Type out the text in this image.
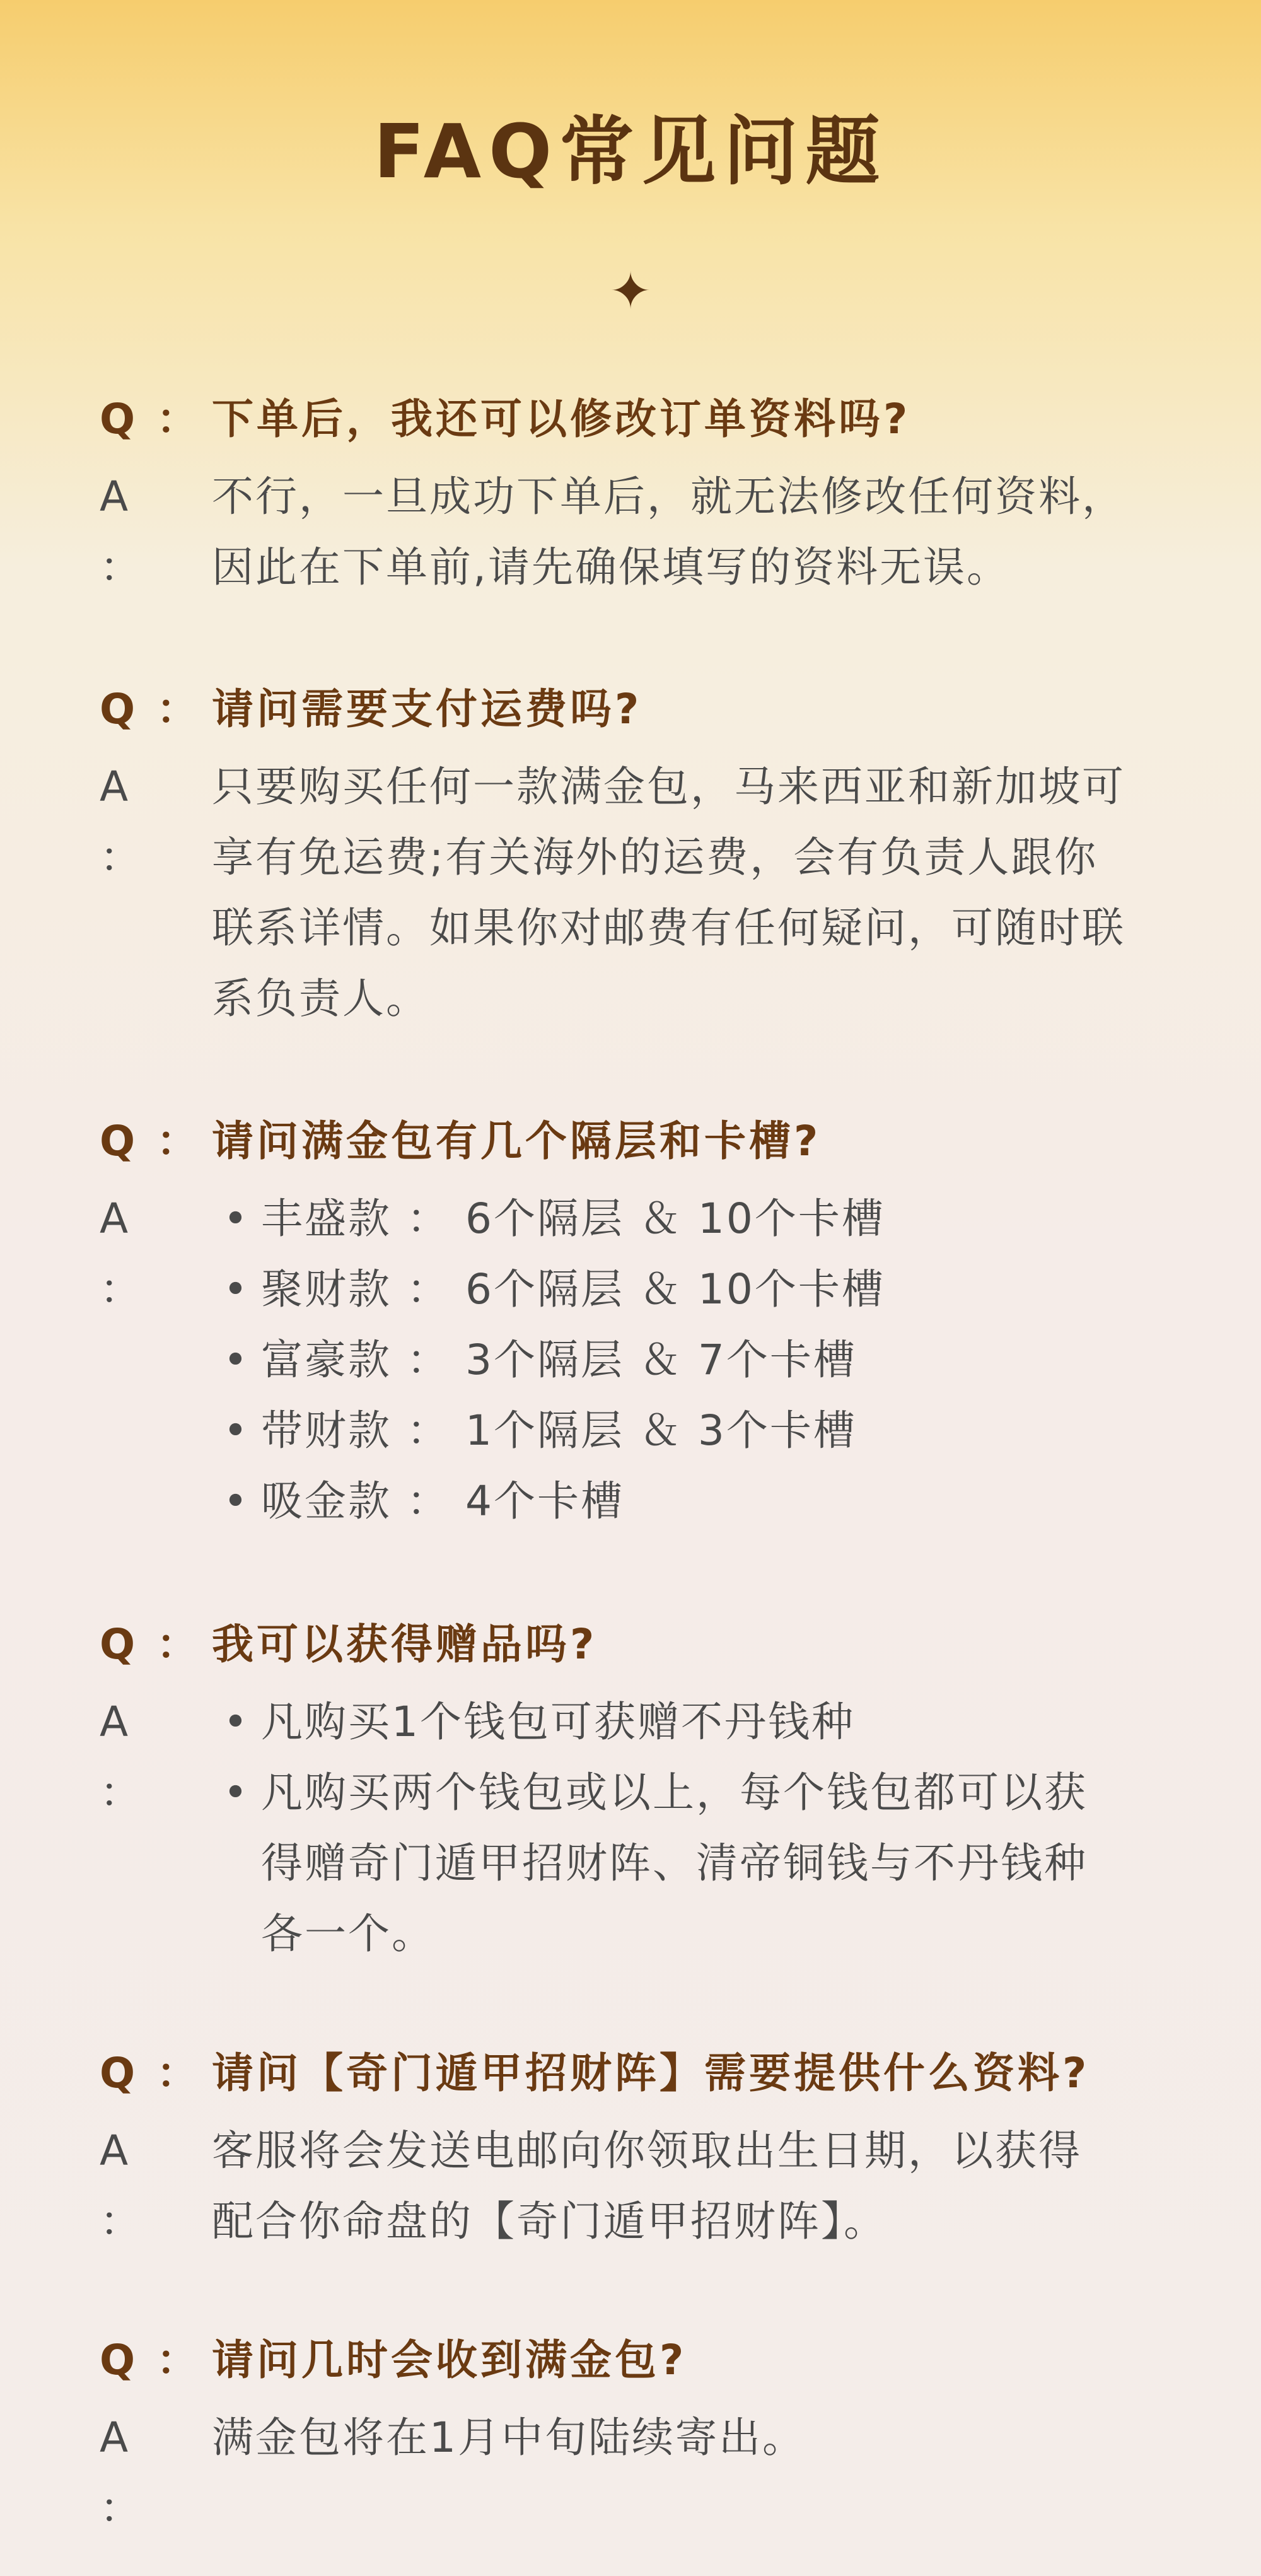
FAQ常见问题
✦
Q ： 下单后，我还可以修改订单资料吗?
A：
不行，一旦成功下单后，就无法修改任何资料，
因此在下单前,请先确保填写的资料无误。
Q ： 请问需要支付运费吗?
A：
只要购买任何一款满金包，马来西亚和新加坡可
享有免运费;有关海外的运费，会有负责人跟你
联系详情。如果你对邮费有任何疑问，可随时联
系负责人。
Q ： 请问满金包有几个隔层和卡槽?
A：
• 丰盛款 ： 6个隔层 ＆ 10个卡槽
• 聚财款 ： 6个隔层 ＆ 10个卡槽
• 富豪款 ： 3个隔层 ＆ 7个卡槽
• 带财款 ： 1个隔层 ＆ 3个卡槽
• 吸金款 ： 4个卡槽
Q ： 我可以获得赠品吗?
A：
• 凡购买1个钱包可获赠不丹钱种
• 凡购买两个钱包或以上，每个钱包都可以获
得赠奇门遁甲招财阵、清帝铜钱与不丹钱种
各一个。
Q ： 请问【奇门遁甲招财阵】需要提供什么资料?
A：
客服将会发送电邮向你领取出生日期，以获得
配合你命盘的【奇门遁甲招财阵】。
Q ： 请问几时会收到满金包?
A：
满金包将在1月中旬陆续寄出。
